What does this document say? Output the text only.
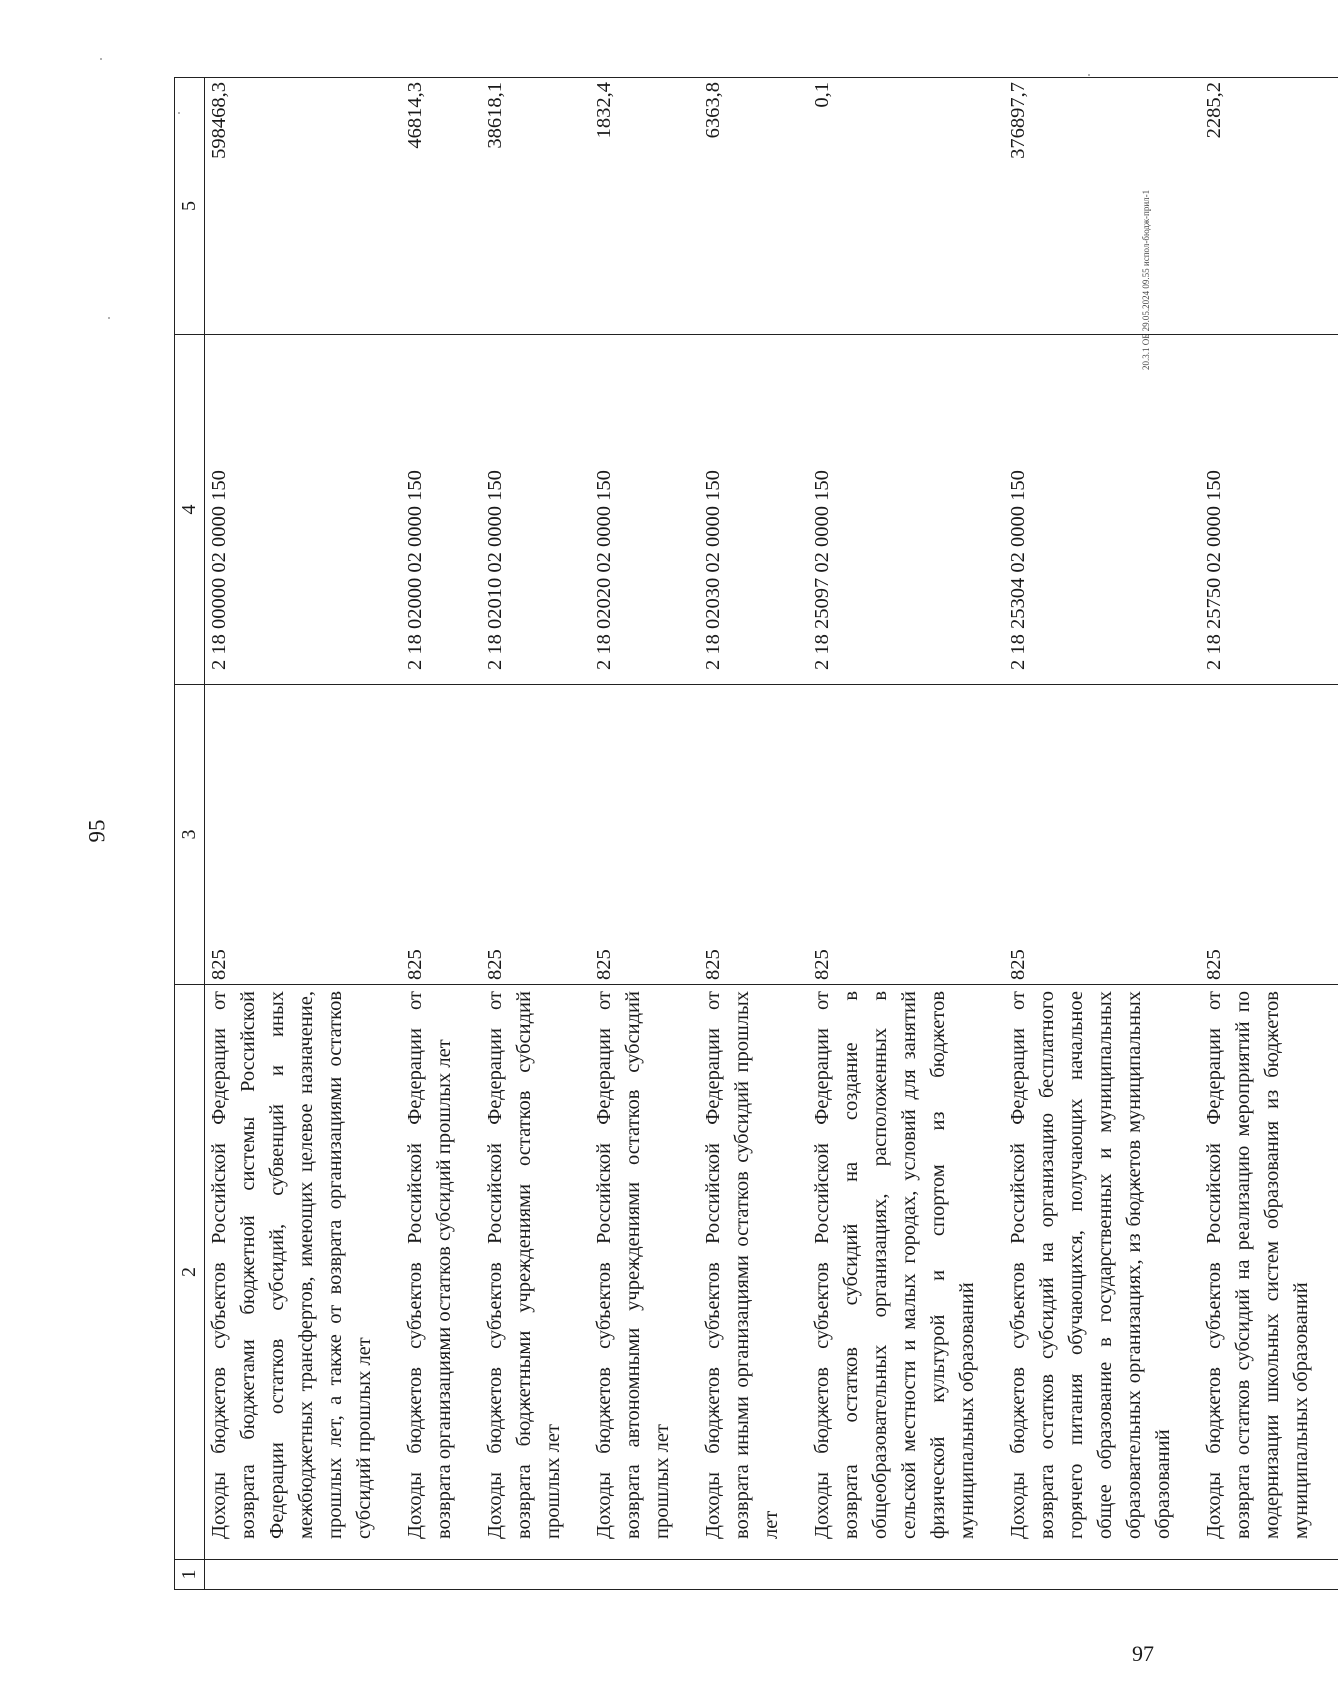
95
20.3.1 ОБ 29.05.2024 09.55 испол-бюдж-прил-1
1	2	3	4	5
	Доходы бюджетов субъектов Российской Федерации от возврата бюджетами бюджетной системы Российской Федерации остатков субсидий, субвенций и иных межбюджетных трансфертов, имеющих целевое назначение, прошлых лет, а также от возврата организациями остатков субсидий прошлых лет	825	2 18 00000 02 0000 150	598468,3
	Доходы бюджетов субъектов Российской Федерации от возврата организациями остатков субсидий прошлых лет	825	2 18 02000 02 0000 150	46814,3
	Доходы бюджетов субъектов Российской Федерации от возврата бюджетными учреждениями остатков субсидий прошлых лет	825	2 18 02010 02 0000 150	38618,1
	Доходы бюджетов субъектов Российской Федерации от возврата автономными учреждениями остатков субсидий прошлых лет	825	2 18 02020 02 0000 150	1832,4
	Доходы бюджетов субъектов Российской Федерации от возврата иными организациями остатков субсидий прошлых лет	825	2 18 02030 02 0000 150	6363,8
	Доходы бюджетов субъектов Российской Федерации от возврата остатков субсидий на создание в общеобразовательных организациях, расположенных в сельской местности и малых городах, условий для занятий физической культурой и спортом из бюджетов муниципальных образований	825	2 18 25097 02 0000 150	0,1
	Доходы бюджетов субъектов Российской Федерации от возврата остатков субсидий на организацию бесплатного горячего питания обучающихся, получающих начальное общее образование в государственных и муниципальных образовательных организациях, из бюджетов муниципальных образований	825	2 18 25304 02 0000 150	376897,7
	Доходы бюджетов субъектов Российской Федерации от возврата остатков субсидий на реализацию мероприятий по модернизации школьных систем образования из бюджетов муниципальных образований	825	2 18 25750 02 0000 150	2285,2
97
